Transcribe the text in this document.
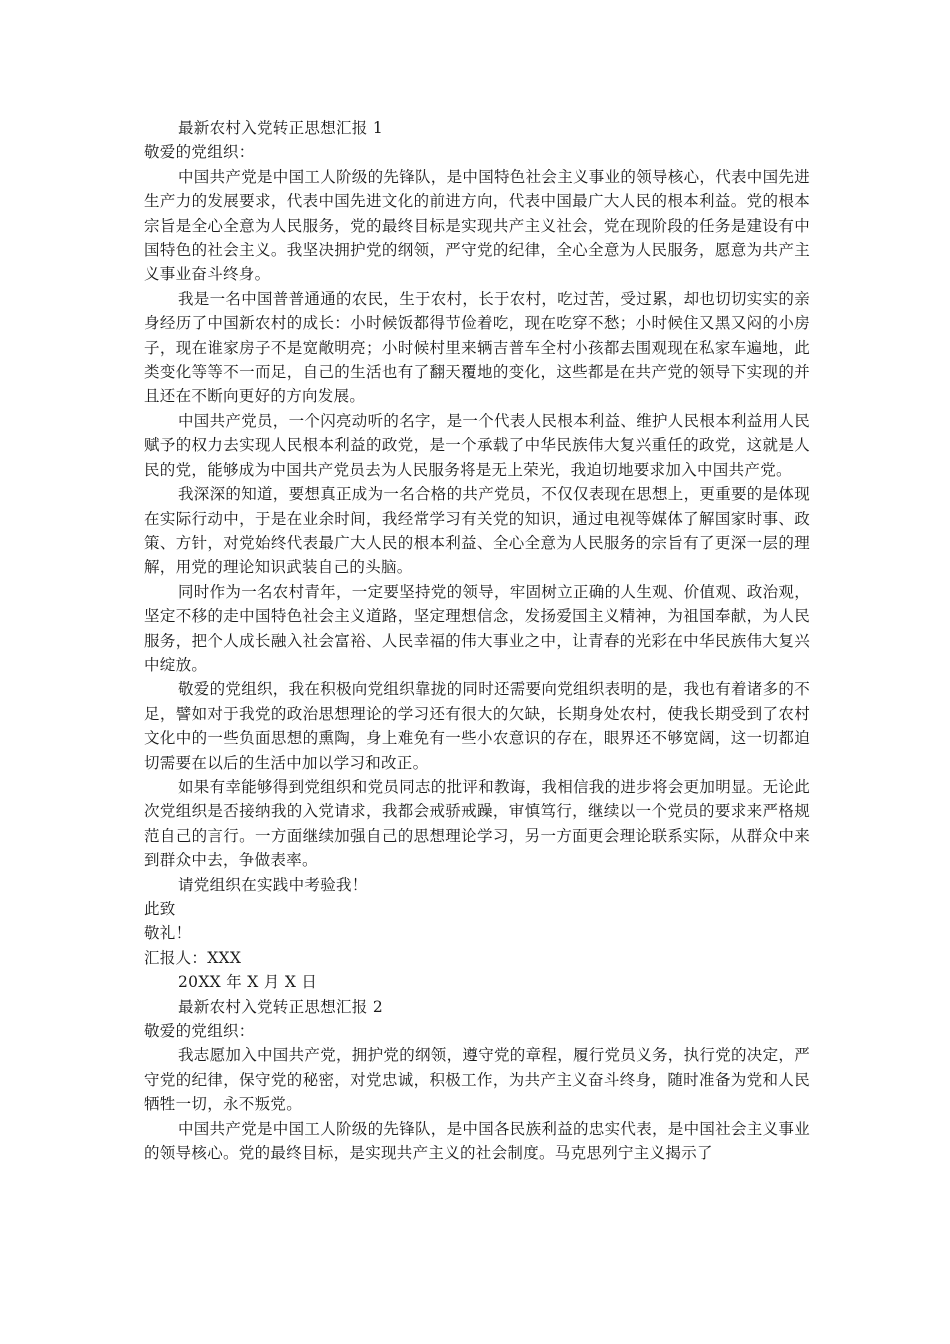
最新农村入党转正思想汇报 1

敬爱的党组织：

中国共产党是中国工人阶级的先锋队，是中国特色社会主义事业的领导核心，代表中国先进生产力的发展要求，代表中国先进文化的前进方向，代表中国最广大人民的根本利益。党的根本宗旨是全心全意为人民服务，党的最终目标是实现共产主义社会，党在现阶段的任务是建设有中国特色的社会主义。我坚决拥护党的纲领，严守党的纪律，全心全意为人民服务，愿意为共产主义事业奋斗终身。

我是一名中国普普通通的农民，生于农村，长于农村，吃过苦，受过累，却也切切实实的亲身经历了中国新农村的成长：小时候饭都得节俭着吃，现在吃穿不愁；小时候住又黑又闷的小房子，现在谁家房子不是宽敞明亮；小时候村里来辆吉普车全村小孩都去围观现在私家车遍地，此类变化等等不一而足，自己的生活也有了翻天覆地的变化，这些都是在共产党的领导下实现的并且还在不断向更好的方向发展。

中国共产党员，一个闪亮动听的名字，是一个代表人民根本利益、维护人民根本利益用人民赋予的权力去实现人民根本利益的政党，是一个承载了中华民族伟大复兴重任的政党，这就是人民的党，能够成为中国共产党员去为人民服务将是无上荣光，我迫切地要求加入中国共产党。

我深深的知道，要想真正成为一名合格的共产党员，不仅仅表现在思想上，更重要的是体现在实际行动中，于是在业余时间，我经常学习有关党的知识，通过电视等媒体了解国家时事、政策、方针，对党始终代表最广大人民的根本利益、全心全意为人民服务的宗旨有了更深一层的理解，用党的理论知识武装自己的头脑。

同时作为一名农村青年，一定要坚持党的领导，牢固树立正确的人生观、价值观、政治观，坚定不移的走中国特色社会主义道路，坚定理想信念，发扬爱国主义精神，为祖国奉献，为人民服务，把个人成长融入社会富裕、人民幸福的伟大事业之中，让青春的光彩在中华民族伟大复兴中绽放。

敬爱的党组织，我在积极向党组织靠拢的同时还需要向党组织表明的是，我也有着诸多的不足，譬如对于我党的政治思想理论的学习还有很大的欠缺，长期身处农村，使我长期受到了农村文化中的一些负面思想的熏陶，身上难免有一些小农意识的存在，眼界还不够宽阔，这一切都迫切需要在以后的生活中加以学习和改正。

如果有幸能够得到党组织和党员同志的批评和教诲，我相信我的进步将会更加明显。无论此次党组织是否接纳我的入党请求，我都会戒骄戒躁，审慎笃行，继续以一个党员的要求来严格规范自己的言行。一方面继续加强自己的思想理论学习，另一方面更会理论联系实际，从群众中来到群众中去，争做表率。

请党组织在实践中考验我！

此致

敬礼！

汇报人：XXX

20XX 年 X 月 X 日

最新农村入党转正思想汇报 2

敬爱的党组织：

我志愿加入中国共产党，拥护党的纲领，遵守党的章程，履行党员义务，执行党的决定，严守党的纪律，保守党的秘密，对党忠诚，积极工作，为共产主义奋斗终身，随时准备为党和人民牺牲一切，永不叛党。

中国共产党是中国工人阶级的先锋队，是中国各民族利益的忠实代表，是中国社会主义事业的领导核心。党的最终目标，是实现共产主义的社会制度。马克思列宁主义揭示了
